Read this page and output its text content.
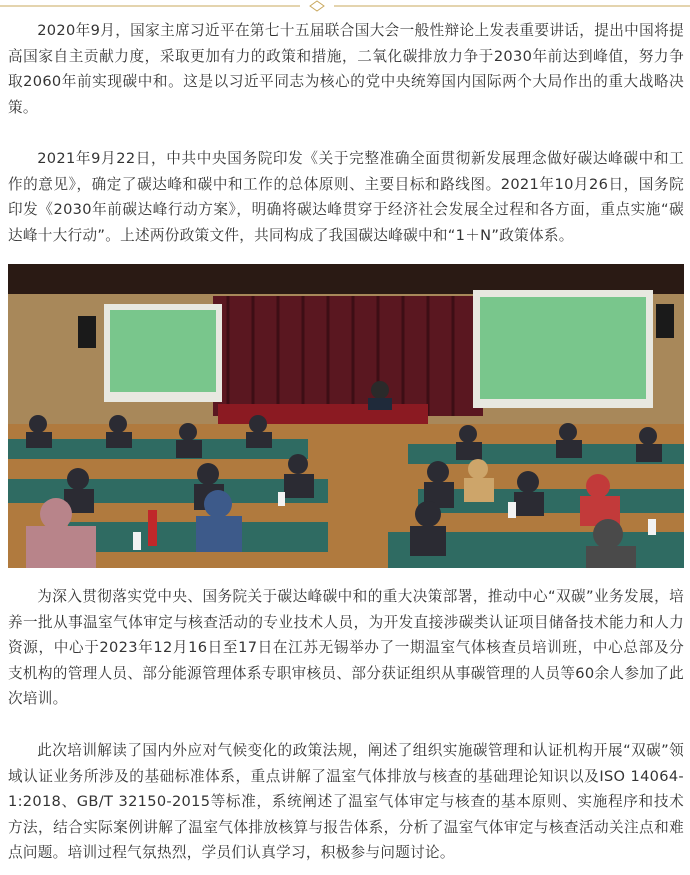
2020年9月，国家主席习近平在第七十五届联合国大会一般性辩论上发表重要讲话，提出中国将提高国家自主贡献力度，采取更加有力的政策和措施，二氧化碳排放力争于2030年前达到峰值，努力争取2060年前实现碳中和。这是以习近平同志为核心的党中央统筹国内国际两个大局作出的重大战略决策。

2021年9月22日，中共中央国务院印发《关于完整准确全面贯彻新发展理念做好碳达峰碳中和工作的意见》，确定了碳达峰和碳中和工作的总体原则、主要目标和路线图。2021年10月26日，国务院印发《2030年前碳达峰行动方案》，明确将碳达峰贯穿于经济社会发展全过程和各方面，重点实施“碳达峰十大行动”。上述两份政策文件，共同构成了我国碳达峰碳中和“1＋N”政策体系。

为深入贯彻落实党中央、国务院关于碳达峰碳中和的重大决策部署，推动中心“双碳”业务发展，培养一批从事温室气体审定与核查活动的专业技术人员，为开发直接涉碳类认证项目储备技术能力和人力资源，中心于2023年12月16日至17日在江苏无锡举办了一期温室气体核查员培训班，中心总部及分支机构的管理人员、部分能源管理体系专职审核员、部分获证组织从事碳管理的人员等60余人参加了此次培训。

此次培训解读了国内外应对气候变化的政策法规，阐述了组织实施碳管理和认证机构开展“双碳”领域认证业务所涉及的基础标准体系，重点讲解了温室气体排放与核查的基础理论知识以及ISO 14064-1:2018、GB/T 32150-2015等标准，系统阐述了温室气体审定与核查的基本原则、实施程序和技术方法，结合实际案例讲解了温室气体排放核算与报告体系，分析了温室气体审定与核查活动关注点和难点问题。培训过程气氛热烈，学员们认真学习，积极参与问题讨论。
